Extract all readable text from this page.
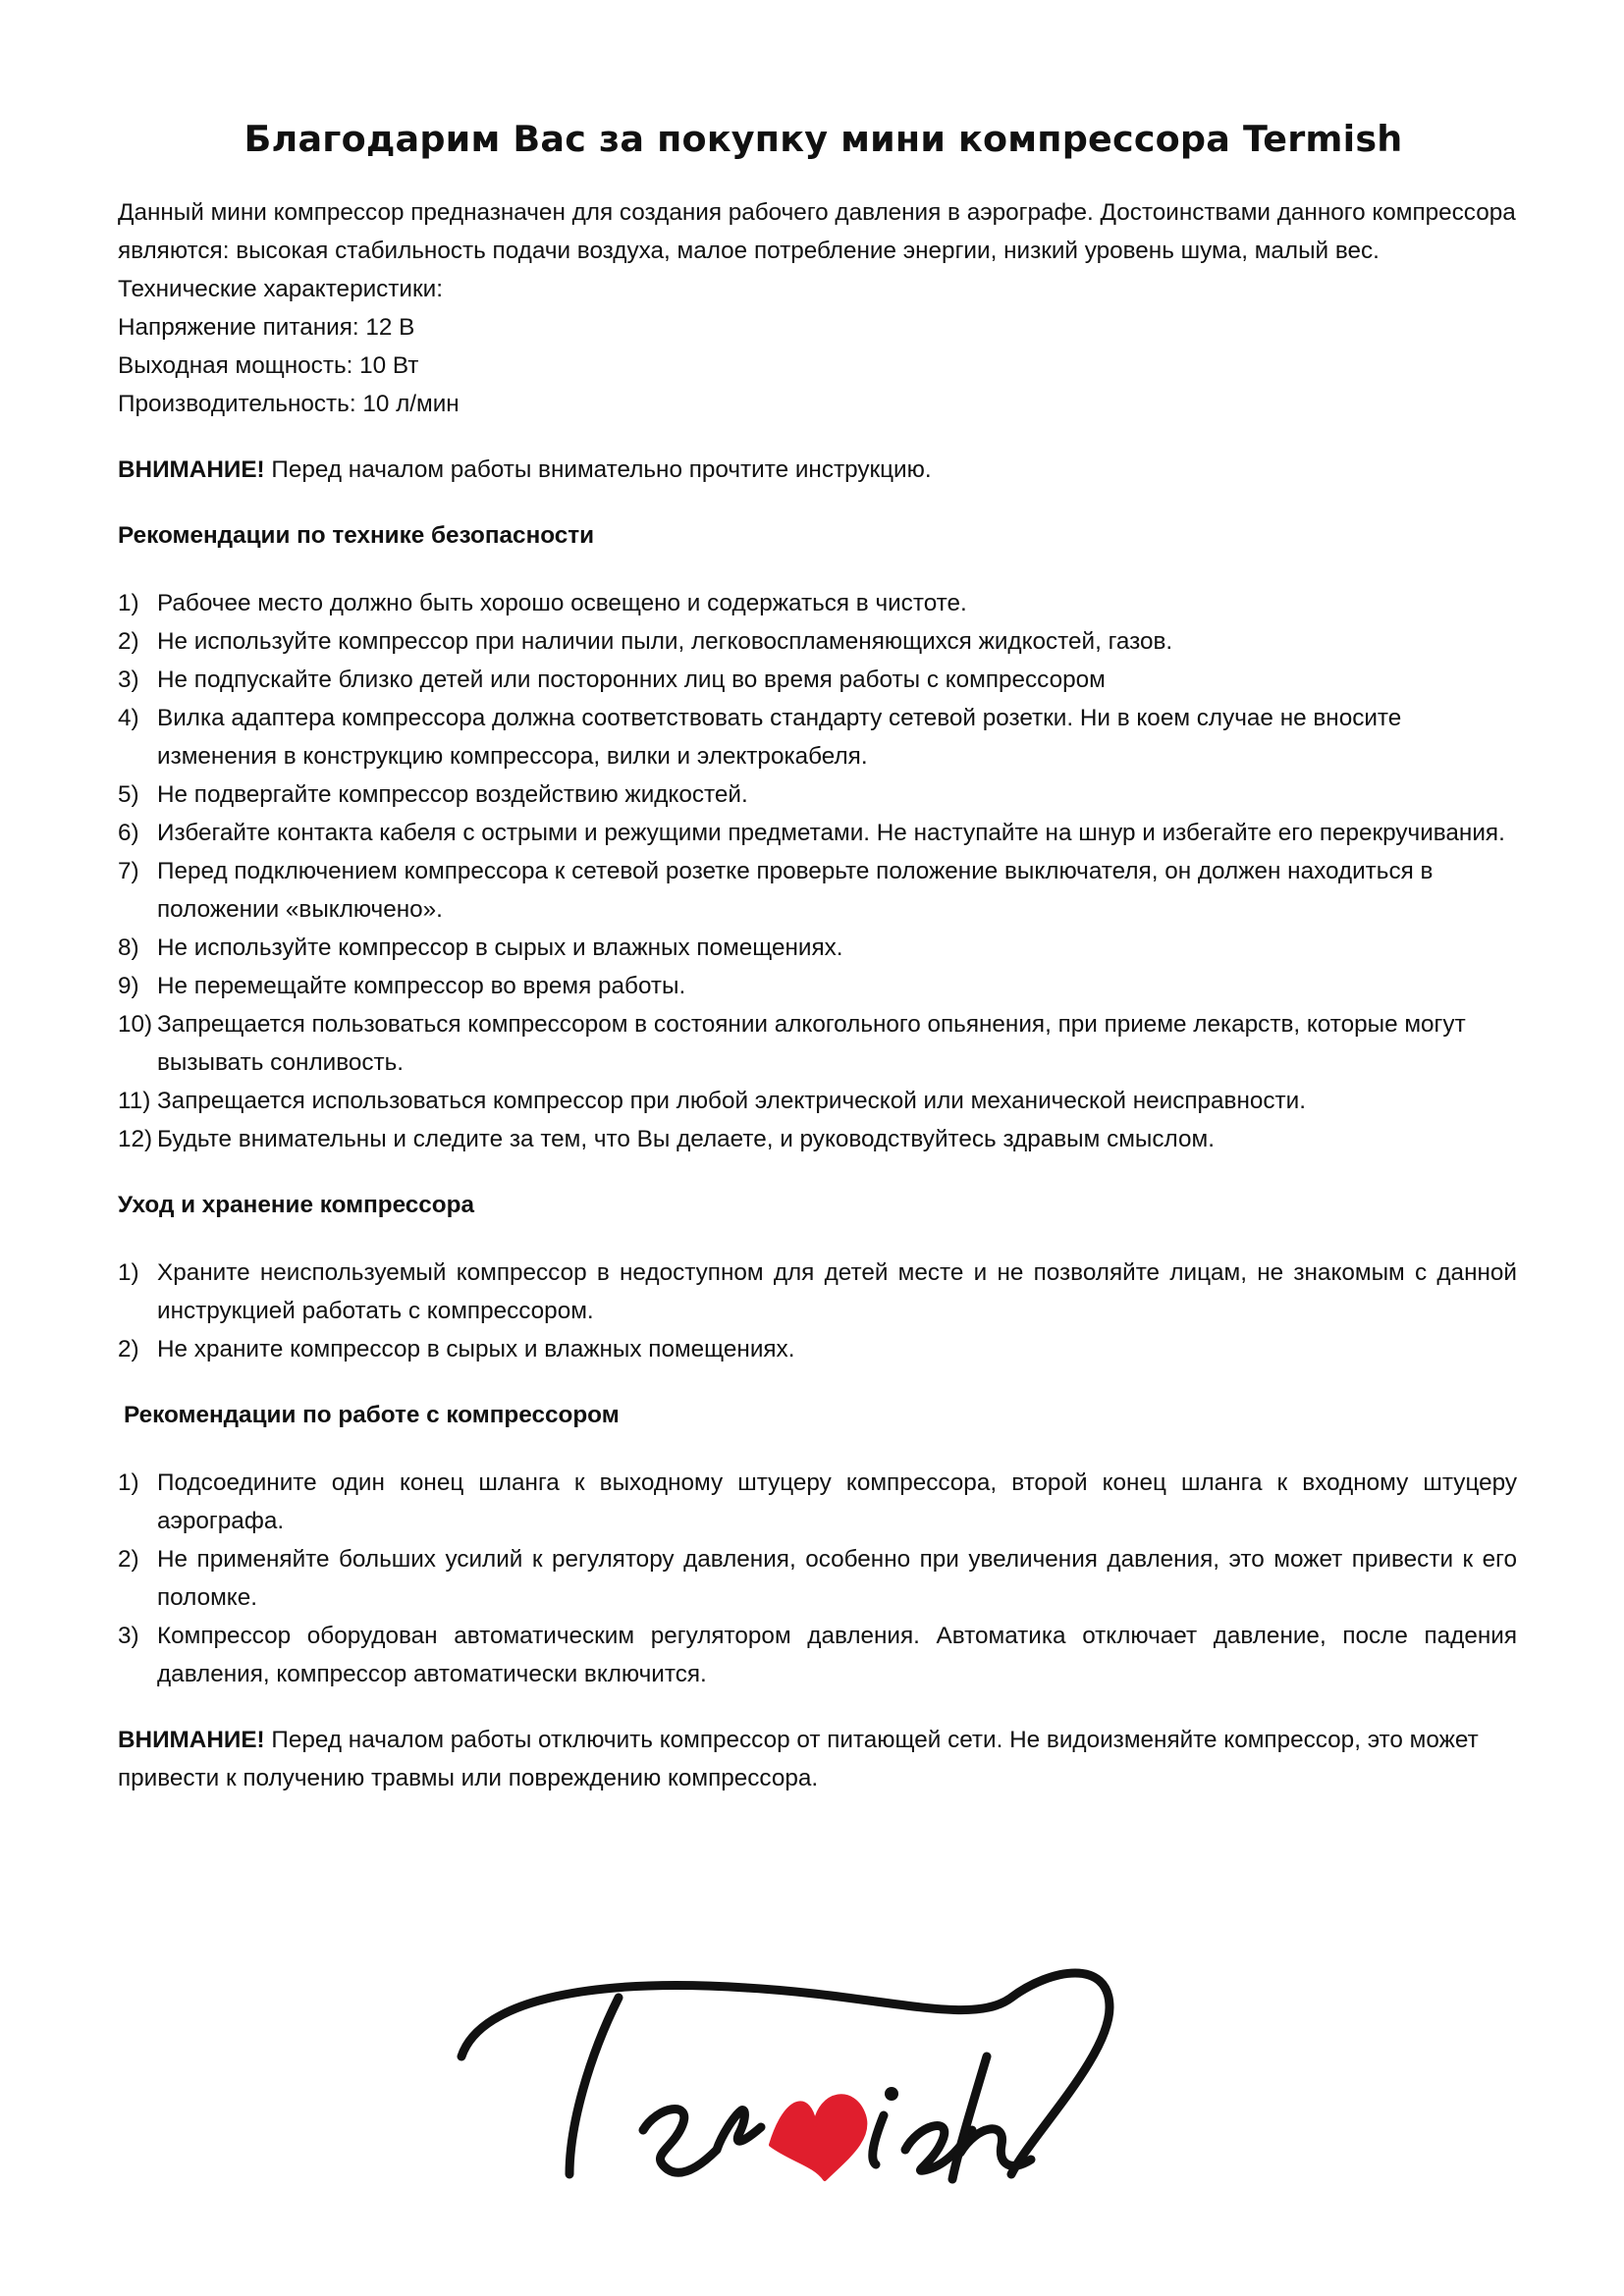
Благодарим Вас за покупку мини компрессора Termish

Данный мини компрессор предназначен для создания рабочего давления в аэрографе. Достоинствами данного компрессора являются: высокая стабильность подачи воздуха, малое потребление энергии, низкий уровень шума, малый вес.

Технические характеристики:

Напряжение питания: 12 В

Выходная мощность: 10 Вт

Производительность: 10 л/мин

ВНИМАНИЕ! Перед началом работы внимательно прочтите инструкцию.

Рекомендации по технике безопасности

1) Рабочее место должно быть хорошо освещено и содержаться в чистоте.
2) Не используйте компрессор при наличии пыли, легковоспламеняющихся жидкостей, газов.
3) Не подпускайте близко детей или посторонних лиц во время работы с компрессором
4) Вилка адаптера компрессора должна соответствовать стандарту сетевой розетки. Ни в коем случае не вносите изменения в конструкцию компрессора, вилки и электрокабеля.
5) Не подвергайте компрессор воздействию жидкостей.
6) Избегайте контакта кабеля с острыми и режущими предметами. Не наступайте на шнур и избегайте его перекручивания.
7) Перед подключением компрессора к сетевой розетке проверьте положение выключателя, он должен находиться в положении «выключено».
8) Не используйте компрессор в сырых и влажных помещениях.
9) Не перемещайте компрессор во время работы.
10) Запрещается пользоваться компрессором в состоянии алкогольного опьянения, при приеме лекарств, которые могут вызывать сонливость.
11) Запрещается использоваться компрессор при любой электрической или механической неисправности.
12) Будьте внимательны и следите за тем, что Вы делаете, и руководствуйтесь здравым смыслом.

Уход и хранение компрессора

1) Храните неиспользуемый компрессор в недоступном для детей месте и не позволяйте лицам, не знакомым с данной инструкцией работать с компрессором.
2) Не храните компрессор в сырых и влажных помещениях.

Рекомендации по работе с компрессором

1) Подсоедините один конец шланга к выходному штуцеру компрессора, второй конец шланга к входному штуцеру аэрографа.
2) Не применяйте больших усилий к регулятору давления, особенно при увеличения давления, это может привести к его поломке.
3) Компрессор оборудован автоматическим регулятором давления. Автоматика отключает давление, после падения давления, компрессор автоматически включится.

ВНИМАНИЕ! Перед началом работы отключить компрессор от питающей сети. Не видоизменяйте компрессор, это может привести к получению травмы или повреждению компрессора.
